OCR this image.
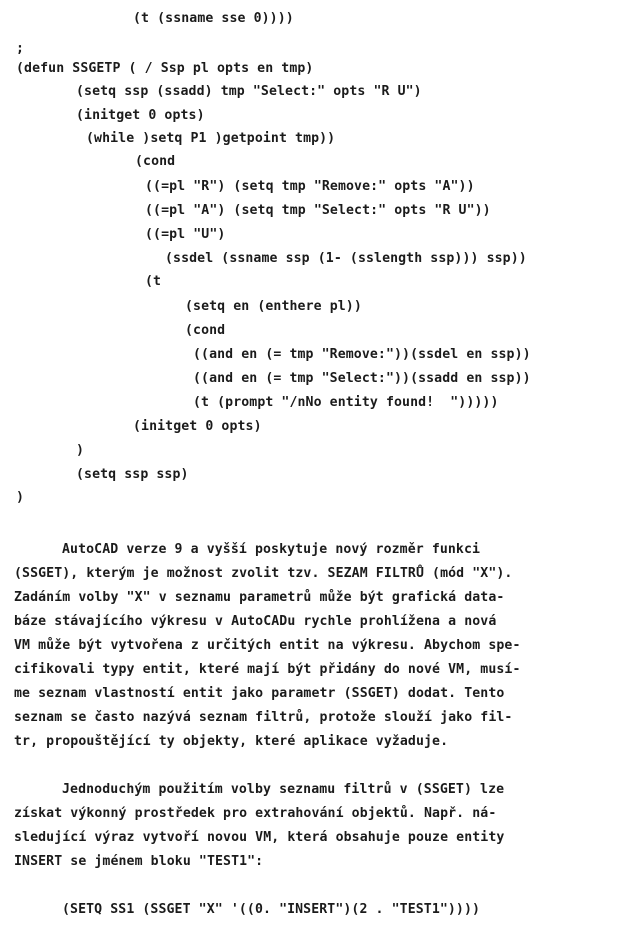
(t (ssname sse 0))))
;
(defun SSGETP ( / Ssp pl opts en tmp)
(setq ssp (ssadd) tmp "Select:" opts "R U")
(initget 0 opts)
(while )setq P1 )getpoint tmp))
(cond
((=pl "R") (setq tmp "Remove:" opts "A"))
((=pl "A") (setq tmp "Select:" opts "R U"))
((=pl "U")
(ssdel (ssname ssp (1- (sslength ssp))) ssp))
(t
(setq en (enthere pl))
(cond
((and en (= tmp "Remove:"))(ssdel en ssp))
((and en (= tmp "Select:"))(ssadd en ssp))
(t (prompt "/nNo entity found!  ")))))
(initget 0 opts)
)
(setq ssp ssp)
)
AutoCAD verze 9 a vyšší poskytuje nový rozměr funkci
(SSGET), kterým je možnost zvolit tzv. SEZAM FILTRŮ (mód "X").
Zadáním volby "X" v seznamu parametrů může být grafická data-
báze stávajícího výkresu v AutoCADu rychle prohlížena a nová
VM může být vytvořena z určitých entit na výkresu. Abychom spe-
cifikovali typy entit, které mají být přidány do nové VM, musí-
me seznam vlastností entit jako parametr (SSGET) dodat. Tento
seznam se často nazývá seznam filtrů, protože slouží jako fil-
tr, propouštějící ty objekty, které aplikace vyžaduje.
Jednoduchým použitím volby seznamu filtrů v (SSGET) lze
získat výkonný prostředek pro extrahování objektů. Např. ná-
sledující výraz vytvoří novou VM, která obsahuje pouze entity
INSERT se jménem bloku "TEST1":
(SETQ SS1 (SSGET "X" '((0. "INSERT")(2 . "TEST1"))))
